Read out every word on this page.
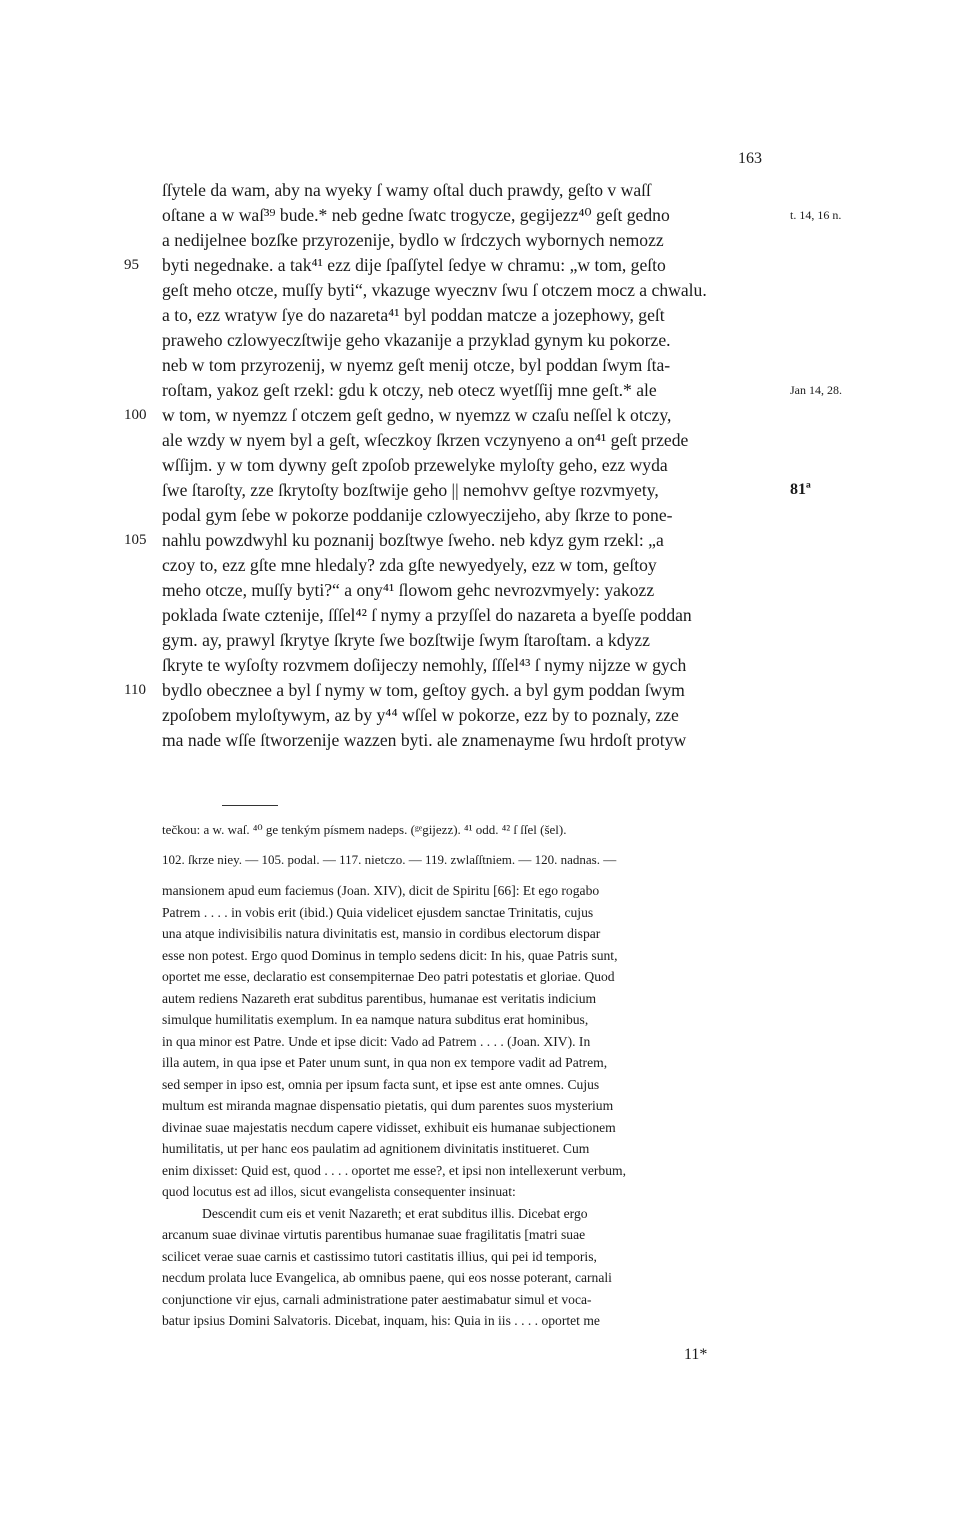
163
ſſytele da wam, aby na wyeky ſ wamy oſtal duch prawdy, geſto v waſſ
oſtane a w waſ³⁹ bude.* neb gedne ſwatc trogycze, gegijezz⁴⁰ geſt gedno
a nedijelnee bozſke przyrozenije, bydlo w ſrdczych wybornych nemozz
byti negednake. a tak⁴¹ ezz dije ſpaſſytel ſedye w chramu: „w tom, geſto
geſt meho otcze, muſſy byti“, vkazuge wyecznv ſwu ſ otczem mocz a chwalu.
a to, ezz wratyw ſye do nazareta⁴¹ byl poddan matcze a jozephowy, geſt
praweho czlowyeczſtwije geho vkazanije a przyklad gynym ku pokorze.
neb w tom przyrozenij, w nyemz geſt menij otcze, byl poddan ſwym ſta-
roſtam, yakoz geſt rzekl: gdu k otczy, neb otecz wyetſſij mne geſt.* ale
w tom, w nyemzz ſ otczem geſt gedno, w nyemzz w czaſu neſſel k otczy,
ale wzdy w nyem byl a geſt, wſeczkoy ſkrzen vczynyeno a on⁴¹ geſt przede
wſſijm. y w tom dywny geſt zpoſob przewelyke myloſty geho, ezz wyda
ſwe ſtaroſty, zze ſkrytoſty bozſtwije geho || nemohvv geſtye rozvmyety,
podal gym ſebe w pokorze poddanije czlowyeczijeho, aby ſkrze to pone-
nahlu powzdwyhl ku poznanij bozſtwye ſweho. neb kdyz gym rzekl: „a
czoy to, ezz gſte mne hledaly? zda gſte newyedyely, ezz w tom, geſtoy
meho otcze, muſſy byti?“ a ony⁴¹ ſlowom gehc nevrozvmyely: yakozz
poklada ſwate cztenije, ſſſel⁴² ſ nymy a przyſſel do nazareta a byeſſe poddan
gym. ay, prawyl ſkrytye ſkryte ſwe bozſtwije ſwym ſtaroſtam. a kdyzz
ſkryte te wyſoſty rozvmem doſijeczy nemohly, ſſſel⁴³ ſ nymy nijzze w gych
bydlo obecznee a byl ſ nymy w tom, geſtoy gych. a byl gym poddan ſwym
zpoſobem myloſtywym, az by y⁴⁴ wſſel w pokorze, ezz by to poznaly, zze
ma nade wſſe ſtworzenije wazzen byti. ale znamenayme ſwu hrdoſt protyw
95
100
105
110
t. 14, 16 n.
Jan 14, 28.
81ª
tečkou: a w. waſ. ⁴⁰ ge tenkým písmem nadeps. (ᵍᵉgijezz). ⁴¹ odd. ⁴² ſ ſſel (šel).
102. ſkrze niey. — 105. podal. — 117. nietczo. — 119. zwlaſſtniem. — 120. nadnas. —
mansionem apud eum faciemus (Joan. XIV), dicit de Spiritu [66]: Et ego rogabo
Patrem . . . . in vobis erit (ibid.) Quia videlicet ejusdem sanctae Trinitatis, cujus
una atque indivisibilis natura divinitatis est, mansio in cordibus electorum dispar
esse non potest. Ergo quod Dominus in templo sedens dicit: In his, quae Patris sunt,
oportet me esse, declaratio est consempiternae Deo patri potestatis et gloriae. Quod
autem rediens Nazareth erat subditus parentibus, humanae est veritatis indicium
simulque humilitatis exemplum. In ea namque natura subditus erat hominibus,
in qua minor est Patre. Unde et ipse dicit: Vado ad Patrem . . . . (Joan. XIV). In
illa autem, in qua ipse et Pater unum sunt, in qua non ex tempore vadit ad Patrem,
sed semper in ipso est, omnia per ipsum facta sunt, et ipse est ante omnes. Cujus
multum est miranda magnae dispensatio pietatis, qui dum parentes suos mysterium
divinae suae majestatis necdum capere vidisset, exhibuit eis humanae subjectionem
humilitatis, ut per hanc eos paulatim ad agnitionem divinitatis institueret. Cum
enim dixisset: Quid est, quod . . . . oportet me esse?, et ipsi non intellexerunt verbum,
quod locutus est ad illos, sicut evangelista consequenter insinuat:
Descendit cum eis et venit Nazareth; et erat subditus illis. Dicebat ergo
arcanum suae divinae virtutis parentibus humanae suae fragilitatis [matri suae
scilicet verae suae carnis et castissimo tutori castitatis illius, qui pei id temporis,
necdum prolata luce Evangelica, ab omnibus paene, qui eos nosse poterant, carnali
conjunctione vir ejus, carnali administratione pater aestimabatur simul et voca-
batur ipsius Domini Salvatoris. Dicebat, inquam, his: Quia in iis . . . . oportet me
11*
